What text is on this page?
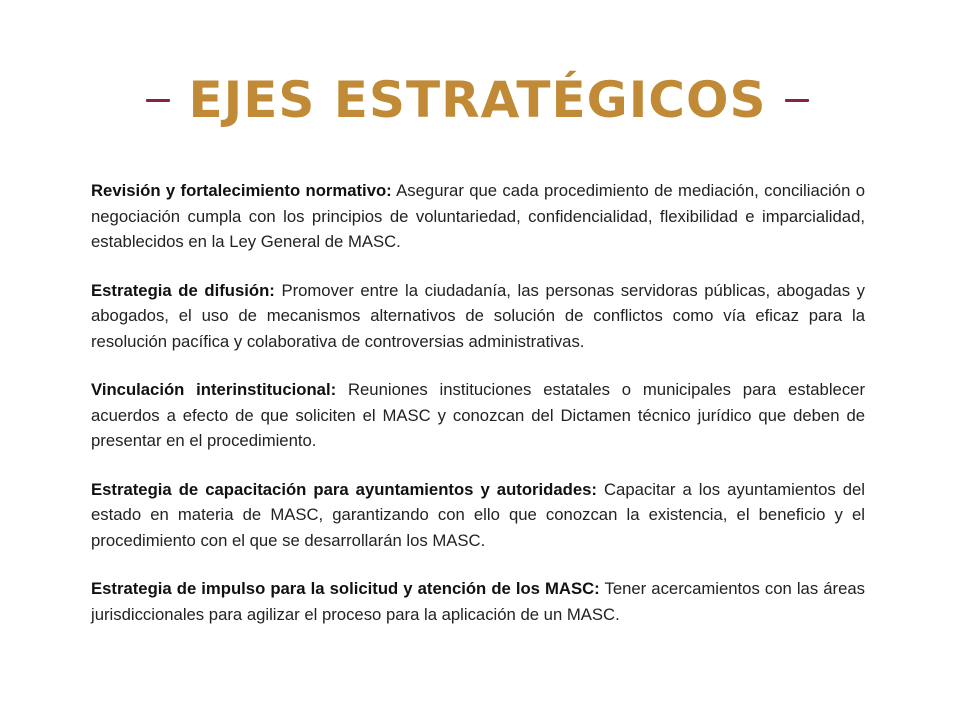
EJES ESTRATÉGICOS

Revisión y fortalecimiento normativo: Asegurar que cada procedimiento de mediación, conciliación o negociación cumpla con los principios de voluntariedad, confidencialidad, flexibilidad e imparcialidad, establecidos en la Ley General de MASC.

Estrategia de difusión: Promover entre la ciudadanía, las personas servidoras públicas, abogadas y abogados, el uso de mecanismos alternativos de solución de conflictos como vía eficaz para la resolución pacífica y colaborativa de controversias administrativas.

Vinculación interinstitucional: Reuniones instituciones estatales o municipales para establecer acuerdos a efecto de que soliciten el MASC y conozcan del Dictamen técnico jurídico que deben de presentar en el procedimiento.

Estrategia de capacitación para ayuntamientos y autoridades: Capacitar a los ayuntamientos del estado en materia de MASC, garantizando con ello que conozcan la existencia, el beneficio y el procedimiento con el que se desarrollarán los MASC.

Estrategia de impulso para la solicitud y atención de los MASC: Tener acercamientos con las áreas jurisdiccionales para agilizar el proceso para la aplicación de un MASC.
